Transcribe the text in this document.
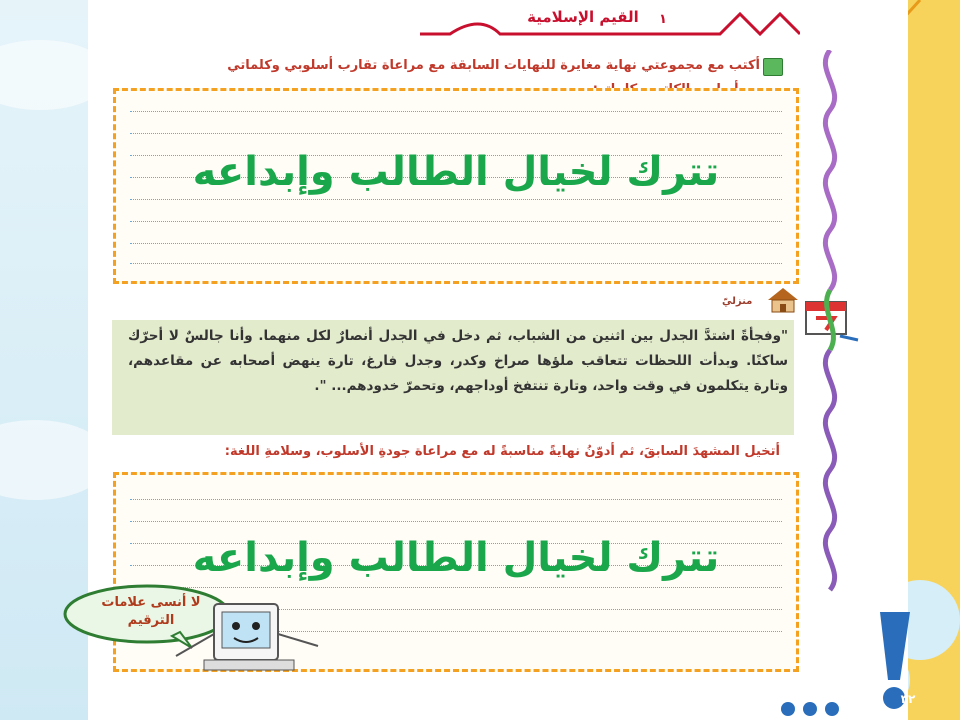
القيم الإسلامية	١
أكتب مع مجموعتي نهاية مغايرة للنهايات السابقة مع مراعاة تقارب أسلوبي وكلماتي
تترك لخيال الطالب وإبداعه
منزليّ
"وفجأةً اشتدَّ الجدل بين اثنين من الشباب، ثم دخل في الجدل أنصارٌ لكل منهما. وأنا جالسٌ لا أحرّك ساكنًا. وبدأت اللحظات تتعاقب ملؤها صراخ وكدر، وجدل فارغ، تارة ينهض أصحابه عن مقاعدهم، وتارة يتكلمون في وقت واحد، وتارة تنتفخ أوداجهم، وتحمرّ خدودهم... ".
أتخيل المشهدَ السابقَ، ثم أدوّنُ نهايةً مناسبةً له مع مراعاة جودةِ الأسلوب، وسلامةِ اللغة:
تترك لخيال الطالب وإبداعه
لا أنسى علامات
الترقيم
٣٢
